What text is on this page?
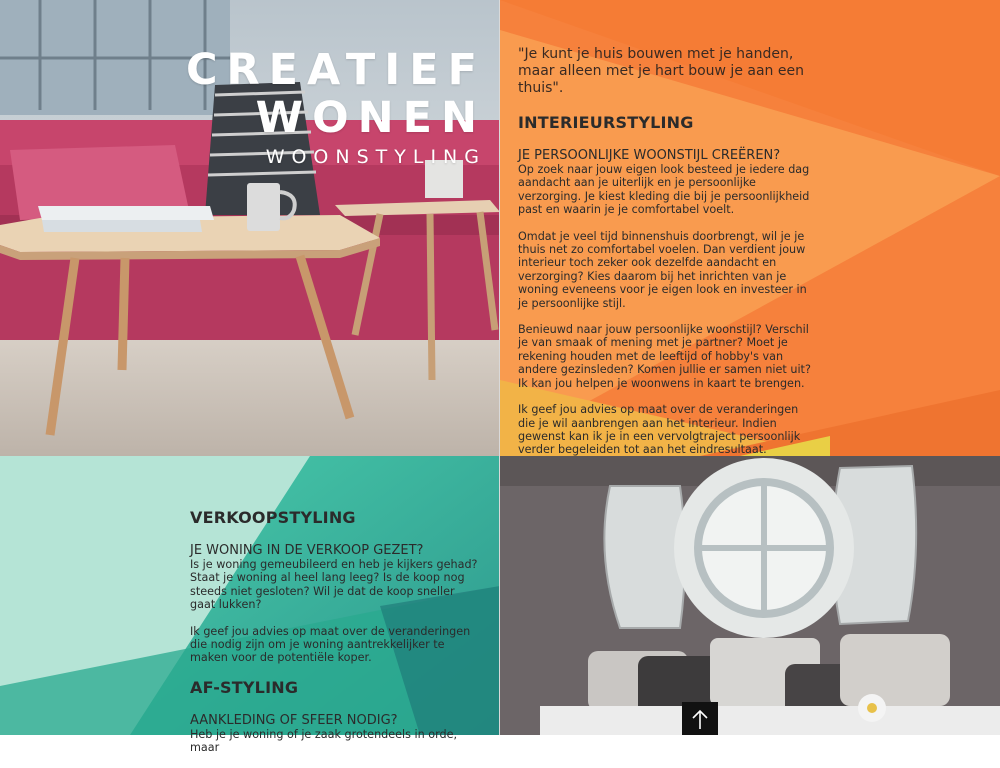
CREATIEF
WONEN
WOONSTYLING

"Je kunt je huis bouwen met je handen, maar alleen met je hart bouw je aan een thuis".

INTERIEURSTYLING

JE PERSOONLIJKE WOONSTIJL CREËREN?

Op zoek naar jouw eigen look besteed je iedere dag aandacht aan je uiterlijk en je persoonlijke verzorging. Je kiest kleding die bij je persoonlijkheid past en waarin je je comfortabel voelt.

Omdat je veel tijd binnenshuis doorbrengt, wil je je thuis net zo comfortabel voelen. Dan verdient jouw interieur toch zeker ook dezelfde aandacht en verzorging? Kies daarom bij het inrichten van je woning eveneens voor je eigen look en investeer in je persoonlijke stijl.

Benieuwd naar jouw persoonlijke woonstijl? Verschil je van smaak of mening met je partner? Moet je rekening houden met de leeftijd of hobby's van andere gezinsleden? Komen jullie er samen niet uit? Ik kan jou helpen je woonwens in kaart te brengen.

Ik geef jou advies op maat over de veranderingen die je wil aanbrengen aan het interieur. Indien gewenst kan ik je in een vervolgtraject persoonlijk verder begeleiden tot aan het eindresultaat.

VERKOOPSTYLING

JE WONING IN DE VERKOOP GEZET?

Is je woning gemeubileerd en heb je kijkers gehad? Staat je woning al heel lang leeg? Is de koop nog steeds niet gesloten? Wil je dat de koop sneller gaat lukken?

Ik geef jou advies op maat over de veranderingen die nodig zijn om je woning aantrekkelijker te maken voor de potentiële koper.

AF-STYLING

AANKLEDING OF SFEER NODIG?

Heb je je woning of je zaak grotendeels in orde, maar
